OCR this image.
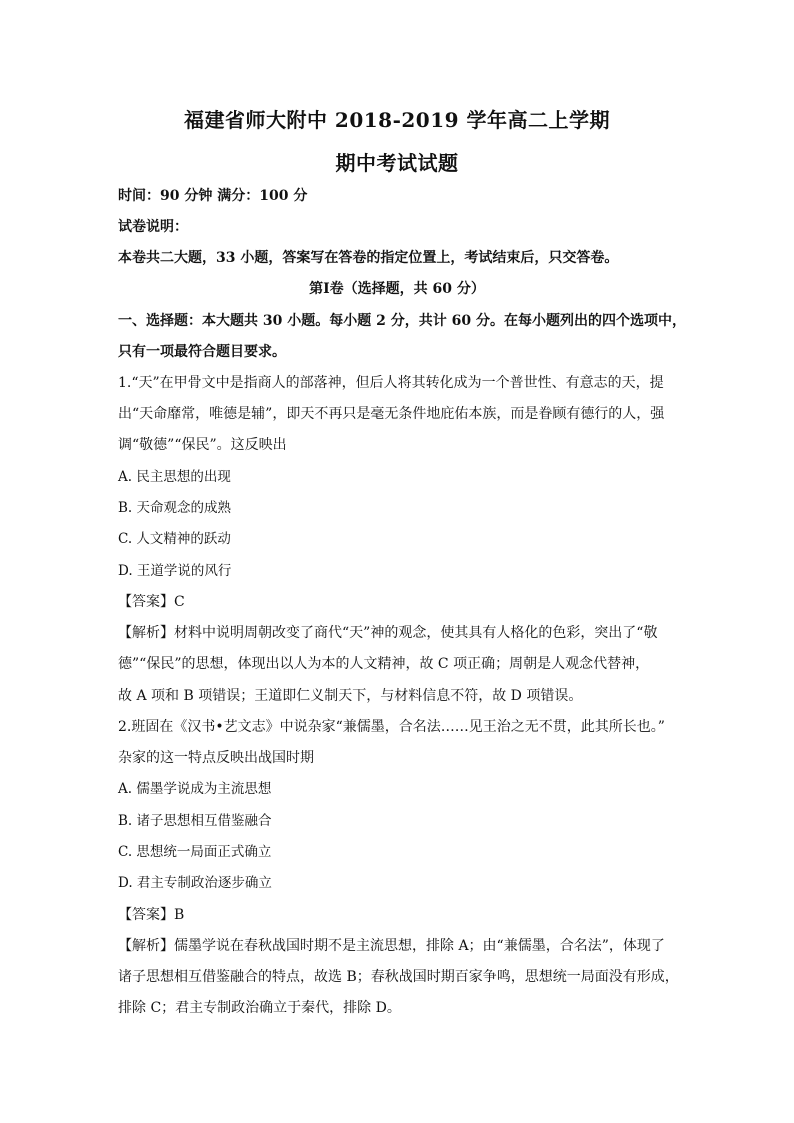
福建省师大附中 2018-2019 学年高二上学期
期中考试试题
时间：90 分钟 满分：100 分
试卷说明：
本卷共二大题，33 小题，答案写在答卷的指定位置上，考试结束后，只交答卷。
第Ⅰ卷（选择题，共 60 分）
一、选择题：本大题共 30 小题。每小题 2 分，共计 60 分。在每小题列出的四个选项中，
只有一项最符合题目要求。
1.“天”在甲骨文中是指商人的部落神，但后人将其转化成为一个普世性、有意志的天，提
出“天命靡常，唯德是辅”，即天不再只是毫无条件地庇佑本族，而是眷顾有德行的人，强
调“敬德”“保民”。这反映出
A. 民主思想的出现
B. 天命观念的成熟
C. 人文精神的跃动
D. 王道学说的风行
【答案】C
【解析】材料中说明周朝改变了商代“天”神的观念，使其具有人格化的色彩，突出了“敬
德”“保民”的思想，体现出以人为本的人文精神，故 C 项正确；周朝是人观念代替神，
故 A 项和 B 项错误；王道即仁义制天下，与材料信息不符，故 D 项错误。
2.班固在《汉书•艺文志》中说杂家“兼儒墨，合名法……见王治之无不贯，此其所长也。”
杂家的这一特点反映出战国时期
A. 儒墨学说成为主流思想
B. 诸子思想相互借鉴融合
C. 思想统一局面正式确立
D. 君主专制政治逐步确立
【答案】B
【解析】儒墨学说在春秋战国时期不是主流思想，排除 A；由“兼儒墨，合名法”，体现了
诸子思想相互借鉴融合的特点，故选 B；春秋战国时期百家争鸣，思想统一局面没有形成，
排除 C；君主专制政治确立于秦代，排除 D。
